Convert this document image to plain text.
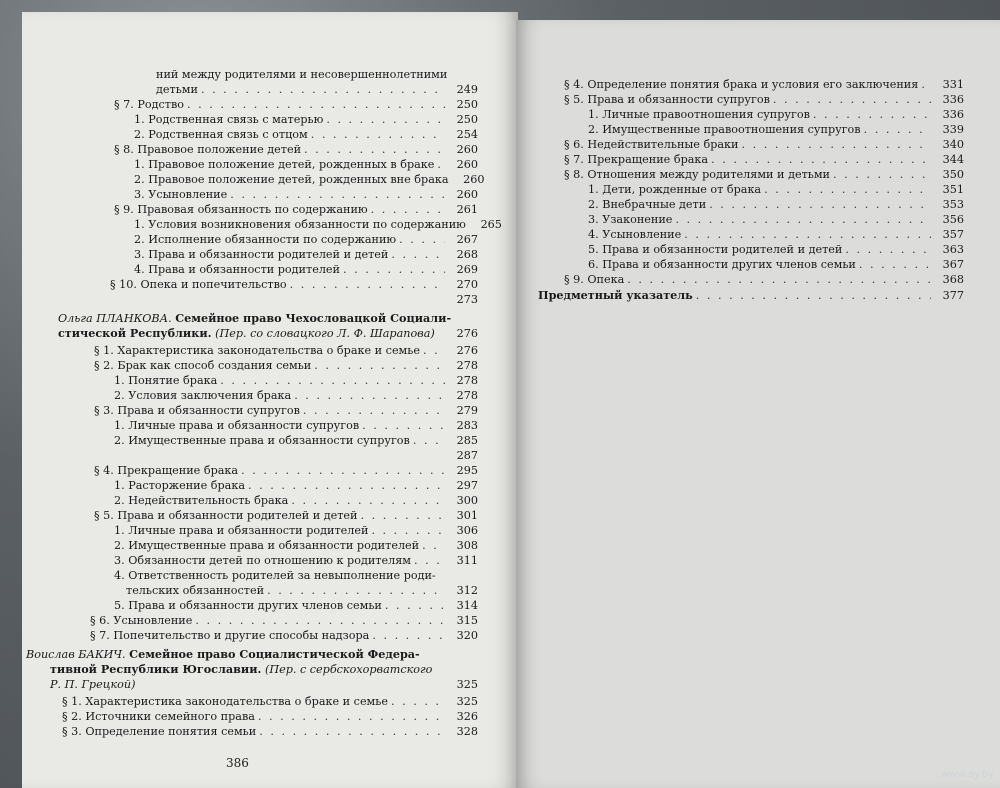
ний между родителями и несовершеннолетними
детьми . . .	249
§ 7. Родство . . .	250
1. Родственная связь с матерью . . .	250
2. Родственная связь с отцом . . .	254
§ 8. Правовое положение детей . . .	260
1. Правовое положение детей, рожденных в браке . . .	260
2. Правовое положение детей, рожденных вне брака	260
3. Усыновление . . .	260
§ 9. Правовая обязанность по содержанию . . .	261
1. Условия возникновения обязанности по содержанию	265
2. Исполнение обязанности по содержанию . . .	267
3. Права и обязанности родителей и детей . . .	268
4. Права и обязанности родителей . . .	269
§ 10. Опека и попечительство . . .	270
273
Ольга ПЛАНКОВА. Семейное право Чехословацкой Социали-
стической Республики. (Пер. со словацкого Л. Ф. Шарапова)	276
§ 1. Характеристика законодательства о браке и семье . . .	276
§ 2. Брак как способ создания семьи . . .	278
1. Понятие брака . . .	278
2. Условия заключения брака . . .	278
§ 3. Права и обязанности супругов . . .	279
1. Личные права и обязанности супругов . . .	283
2. Имущественные права и обязанности супругов . . .	285
287
§ 4. Прекращение брака . . .	295
1. Расторжение брака . . .	297
2. Недействительность брака . . .	300
§ 5. Права и обязанности родителей и детей . . .	301
1. Личные права и обязанности родителей . . .	306
2. Имущественные права и обязанности родителей . . .	308
3. Обязанности детей по отношению к родителям . . .	311
4. Ответственность родителей за невыполнение роди-
тельских обязанностей . . .	312
5. Права и обязанности других членов семьи . . .	314
§ 6. Усыновление . . .	315
§ 7. Попечительство и другие способы надзора . . .	320
Воислав БАКИЧ. Семейное право Социалистической Федера-
тивной Республики Югославии. (Пер. с сербскохорватского
Р. П. Грецкой)	325
§ 1. Характеристика законодательства о браке и семье . . .	325
§ 2. Источники семейного права . . .	326
§ 3. Определение понятия семьи . . .	328
386
§ 4. Определение понятия брака и условия его заключения . . .	331
§ 5. Права и обязанности супругов . . .	336
1. Личные правоотношения супругов . . .	336
2. Имущественные правоотношения супругов . . .	339
§ 6. Недействительные браки . . .	340
§ 7. Прекращение брака . . .	344
§ 8. Отношения между родителями и детьми . . .	350
1. Дети, рожденные от брака . . .	351
2. Внебрачные дети . . .	353
3. Узаконение . . .	356
4. Усыновление . . .	357
5. Права и обязанности родителей и детей . . .	363
6. Права и обязанности других членов семьи . . .	367
§ 9. Опека . . .	368
Предметный указатель . . .	377
www.ay.by
